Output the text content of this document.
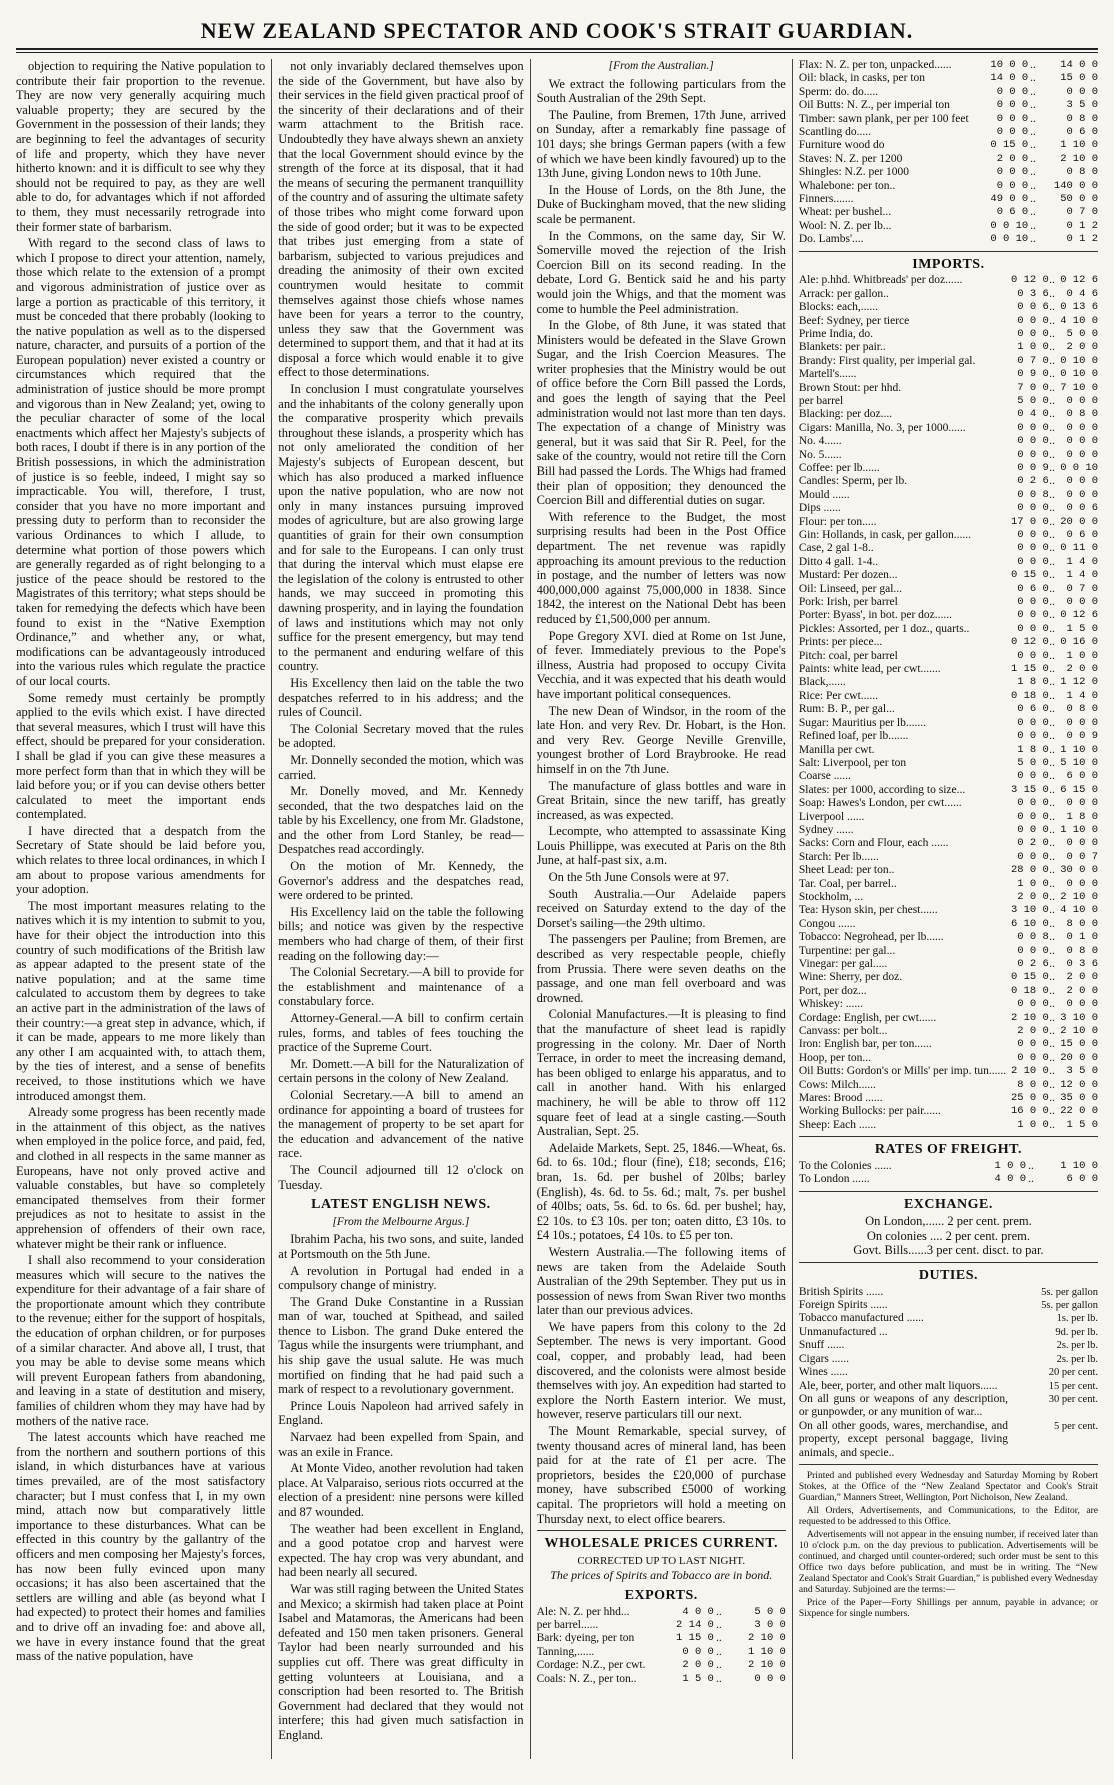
NEW ZEALAND SPECTATOR AND COOK'S STRAIT GUARDIAN.

objection to requiring the Native population to contribute their fair proportion to the revenue. They are now very generally acquiring much valuable property; they are secured by the Government in the possession of their lands; they are beginning to feel the advantages of security of life and property, which they have never hitherto known: and it is difficult to see why they should not be required to pay, as they are well able to do, for advantages which if not afforded to them, they must necessarily retrograde into their former state of barbarism.

With regard to the second class of laws to which I propose to direct your attention, namely, those which relate to the extension of a prompt and vigorous administration of justice over as large a portion as practicable of this territory, it must be conceded that there probably (looking to the native population as well as to the dispersed nature, character, and pursuits of a portion of the European population) never existed a country or circumstances which required that the administration of justice should be more prompt and vigorous than in New Zealand; yet, owing to the peculiar character of some of the local enactments which affect her Majesty's subjects of both races, I doubt if there is in any portion of the British possessions, in which the administration of justice is so feeble, indeed, I might say so impracticable. You will, therefore, I trust, consider that you have no more important and pressing duty to perform than to reconsider the various Ordinances to which I allude, to determine what portion of those powers which are generally regarded as of right belonging to a justice of the peace should be restored to the Magistrates of this territory; what steps should be taken for remedying the defects which have been found to exist in the “Native Exemption Ordinance,” and whether any, or what, modifications can be advantageously introduced into the various rules which regulate the practice of our local courts.

Some remedy must certainly be promptly applied to the evils which exist. I have directed that several measures, which I trust will have this effect, should be prepared for your consideration. I shall be glad if you can give these measures a more perfect form than that in which they will be laid before you; or if you can devise others better calculated to meet the important ends contemplated.

I have directed that a despatch from the Secretary of State should be laid before you, which relates to three local ordinances, in which I am about to propose various amendments for your adoption.

The most important measures relating to the natives which it is my intention to submit to you, have for their object the introduction into this country of such modifications of the British law as appear adapted to the present state of the native population; and at the same time calculated to accustom them by degrees to take an active part in the administration of the laws of their country:—a great step in advance, which, if it can be made, appears to me more likely than any other I am acquainted with, to attach them, by the ties of interest, and a sense of benefits received, to those institutions which we have introduced amongst them.

Already some progress has been recently made in the attainment of this object, as the natives when employed in the police force, and paid, fed, and clothed in all respects in the same manner as Europeans, have not only proved active and valuable constables, but have so completely emancipated themselves from their former prejudices as not to hesitate to assist in the apprehension of offenders of their own race, whatever might be their rank or influence.

I shall also recommend to your consideration measures which will secure to the natives the expenditure for their advantage of a fair share of the proportionate amount which they contribute to the revenue; either for the support of hospitals, the education of orphan children, or for purposes of a similar character. And above all, I trust, that you may be able to devise some means which will prevent European fathers from abandoning, and leaving in a state of destitution and misery, families of children whom they may have had by mothers of the native race.

The latest accounts which have reached me from the northern and southern portions of this island, in which disturbances have at various times prevailed, are of the most satisfactory character; but I must confess that I, in my own mind, attach now but comparatively little importance to these disturbances. What can be effected in this country by the gallantry of the officers and men composing her Majesty's forces, has now been fully evinced upon many occasions; it has also been ascertained that the settlers are willing and able (as beyond what I had expected) to protect their homes and families and to drive off an invading foe: and above all, we have in every instance found that the great mass of the native population, have

not only invariably declared themselves upon the side of the Government, but have also by their services in the field given practical proof of the sincerity of their declarations and of their warm attachment to the British race. Undoubtedly they have always shewn an anxiety that the local Government should evince by the strength of the force at its disposal, that it had the means of securing the permanent tranquillity of the country and of assuring the ultimate safety of those tribes who might come forward upon the side of good order; but it was to be expected that tribes just emerging from a state of barbarism, subjected to various prejudices and dreading the animosity of their own excited countrymen would hesitate to commit themselves against those chiefs whose names have been for years a terror to the country, unless they saw that the Government was determined to support them, and that it had at its disposal a force which would enable it to give effect to those determinations.

In conclusion I must congratulate yourselves and the inhabitants of the colony generally upon the comparative prosperity which prevails throughout these islands, a prosperity which has not only ameliorated the condition of her Majesty's subjects of European descent, but which has also produced a marked influence upon the native population, who are now not only in many instances pursuing improved modes of agriculture, but are also growing large quantities of grain for their own consumption and for sale to the Europeans. I can only trust that during the interval which must elapse ere the legislation of the colony is entrusted to other hands, we may succeed in promoting this dawning prosperity, and in laying the foundation of laws and institutions which may not only suffice for the present emergency, but may tend to the permanent and enduring welfare of this country.

His Excellency then laid on the table the two despatches referred to in his address; and the rules of Council.

The Colonial Secretary moved that the rules be adopted.

Mr. Donnelly seconded the motion, which was carried.

Mr. Donelly moved, and Mr. Kennedy seconded, that the two despatches laid on the table by his Excellency, one from Mr. Gladstone, and the other from Lord Stanley, be read—Despatches read accordingly.

On the motion of Mr. Kennedy, the Governor's address and the despatches read, were ordered to be printed.

His Excellency laid on the table the following bills; and notice was given by the respective members who had charge of them, of their first reading on the following day:—

The Colonial Secretary.—A bill to provide for the establishment and maintenance of a constabulary force.

Attorney-General.—A bill to confirm certain rules, forms, and tables of fees touching the practice of the Supreme Court.

Mr. Domett.—A bill for the Naturalization of certain persons in the colony of New Zealand.

Colonial Secretary.—A bill to amend an ordinance for appointing a board of trustees for the management of property to be set apart for the education and advancement of the native race.

The Council adjourned till 12 o'clock on Tuesday.

LATEST ENGLISH NEWS.
[From the Melbourne Argus.]

Ibrahim Pacha, his two sons, and suite, landed at Portsmouth on the 5th June.

A revolution in Portugal had ended in a compulsory change of ministry.

The Grand Duke Constantine in a Russian man of war, touched at Spithead, and sailed thence to Lisbon. The grand Duke entered the Tagus while the insurgents were triumphant, and his ship gave the usual salute. He was much mortified on finding that he had paid such a mark of respect to a revolutionary government.

Prince Louis Napoleon had arrived safely in England.

Narvaez had been expelled from Spain, and was an exile in France.

At Monte Video, another revolution had taken place. At Valparaiso, serious riots occurred at the election of a president: nine persons were killed and 87 wounded.

The weather had been excellent in England, and a good potatoe crop and harvest were expected. The hay crop was very abundant, and had been nearly all secured.

War was still raging between the United States and Mexico; a skirmish had taken place at Point Isabel and Matamoras, the Americans had been defeated and 150 men taken prisoners. General Taylor had been nearly surrounded and his supplies cut off. There was great difficulty in getting volunteers at Louisiana, and a conscription had been resorted to. The British Government had declared that they would not interfere; this had given much satisfaction in England.

[From the Australian.]

We extract the following particulars from the South Australian of the 29th Sept.

The Pauline, from Bremen, 17th June, arrived on Sunday, after a remarkably fine passage of 101 days; she brings German papers (with a few of which we have been kindly favoured) up to the 13th June, giving London news to 10th June.

In the House of Lords, on the 8th June, the Duke of Buckingham moved, that the new sliding scale be permanent.

In the Commons, on the same day, Sir W. Somerville moved the rejection of the Irish Coercion Bill on its second reading. In the debate, Lord G. Bentick said he and his party would join the Whigs, and that the moment was come to humble the Peel administration.

In the Globe, of 8th June, it was stated that Ministers would be defeated in the Slave Grown Sugar, and the Irish Coercion Measures. The writer prophesies that the Ministry would be out of office before the Corn Bill passed the Lords, and goes the length of saying that the Peel administration would not last more than ten days. The expectation of a change of Ministry was general, but it was said that Sir R. Peel, for the sake of the country, would not retire till the Corn Bill had passed the Lords. The Whigs had framed their plan of opposition; they denounced the Coercion Bill and differential duties on sugar.

With reference to the Budget, the most surprising results had been in the Post Office department. The net revenue was rapidly approaching its amount previous to the reduction in postage, and the number of letters was now 400,000,000 against 75,000,000 in 1838. Since 1842, the interest on the National Debt has been reduced by £1,500,000 per annum.

Pope Gregory XVI. died at Rome on 1st June, of fever. Immediately previous to the Pope's illness, Austria had proposed to occupy Civita Vecchia, and it was expected that his death would have important political consequences.

The new Dean of Windsor, in the room of the late Hon. and very Rev. Dr. Hobart, is the Hon. and very Rev. George Neville Grenville, youngest brother of Lord Braybrooke. He read himself in on the 7th June.

The manufacture of glass bottles and ware in Great Britain, since the new tariff, has greatly increased, as was expected.

Lecompte, who attempted to assassinate King Louis Phillippe, was executed at Paris on the 8th June, at half-past six, a.m.

On the 5th June Consols were at 97.

South Australia.—Our Adelaide papers received on Saturday extend to the day of the Dorset's sailing—the 29th ultimo.

The passengers per Pauline; from Bremen, are described as very respectable people, chiefly from Prussia. There were seven deaths on the passage, and one man fell overboard and was drowned.

Colonial Manufactures.—It is pleasing to find that the manufacture of sheet lead is rapidly progressing in the colony. Mr. Daer of North Terrace, in order to meet the increasing demand, has been obliged to enlarge his apparatus, and to call in another hand. With his enlarged machinery, he will be able to throw off 112 square feet of lead at a single casting.—South Australian, Sept. 25.

Adelaide Markets, Sept. 25, 1846.—Wheat, 6s. 6d. to 6s. 10d.; flour (fine), £18; seconds, £16; bran, 1s. 6d. per bushel of 20lbs; barley (English), 4s. 6d. to 5s. 6d.; malt, 7s. per bushel of 40lbs; oats, 5s. 6d. to 6s. 6d. per bushel; hay, £2 10s. to £3 10s. per ton; oaten ditto, £3 10s. to £4 10s.; potatoes, £4 10s. to £5 per ton.

Western Australia.—The following items of news are taken from the Adelaide South Australian of the 29th September. They put us in possession of news from Swan River two months later than our previous advices.

We have papers from this colony to the 2d September. The news is very important. Good coal, copper, and probably lead, had been discovered, and the colonists were almost beside themselves with joy. An expedition had started to explore the North Eastern interior. We must, however, reserve particulars till our next.

The Mount Remarkable, special survey, of twenty thousand acres of mineral land, has been paid for at the rate of £1 per acre. The proprietors, besides the £20,000 of purchase money, have subscribed £5000 of working capital. The proprietors will hold a meeting on Thursday next, to elect office bearers.

WHOLESALE PRICES CURRENT.
CORRECTED UP TO LAST NIGHT.
The prices of Spirits and Tobacco are in bond.
EXPORTS.
Ale: N. Z. per hhd...	4 0 0	..	5 0 0
per barrel......	2 14 0	..	3 0 0
Bark: dyeing, per ton	1 15 0	..	2 10 0
Tanning,......	0 0 0	..	1 10 0
Cordage: N.Z., per cwt.	2 0 0	..	2 10 0
Coals: N. Z., per ton..	1 5 0	..	0 0 0
Flax: N. Z. per ton, unpacked......	10 0 0	..	14 0 0
Oil: black, in casks, per ton	14 0 0	..	15 0 0
Sperm: do. do.....	0 0 0	..	0 0 0
Oil Butts: N. Z., per imperial ton	0 0 0	..	3 5 0
Timber: sawn plank, per per 100 feet	0 0 0	..	0 8 0
Scantling do.....	0 0 0	..	0 6 0
Furniture wood do	0 15 0	..	1 10 0
Staves: N. Z. per 1200	2 0 0	..	2 10 0
Shingles: N.Z. per 1000	0 0 0	..	0 8 0
Whalebone: per ton..	0 0 0	..	140 0 0
Finners.......	49 0 0	..	50 0 0
Wheat: per bushel...	0 6 0	..	0 7 0
Wool: N. Z. per lb...	0 0 10	..	0 1 2
Do. Lambs'....	0 0 10	..	0 1 2
IMPORTS.
Ale: p.hhd. Whitbreads' per doz......	0 12 0	..	0 12 6
Arrack: per gallon..	0 3 6	..	0 4 6
Blocks: each,......	0 0 6	..	0 13 6
Beef: Sydney, per tierce	0 0 0	..	4 10 0
Prime India, do.	0 0 0	..	5 0 0
Blankets: per pair..	1 0 0	..	2 0 0
Brandy: First quality, per imperial gal.	0 7 0	..	0 10 0
Martell's......	0 9 0	..	0 10 0
Brown Stout: per hhd.	7 0 0	..	7 10 0
per barrel	5 0 0	..	0 0 0
Blacking: per doz....	0 4 0	..	0 8 0
Cigars: Manilla, No. 3, per 1000......	0 0 0	..	0 0 0
No. 4......	0 0 0	..	0 0 0
No. 5......	0 0 0	..	0 0 0
Coffee: per lb......	0 0 9	..	0 0 10
Candles: Sperm, per lb.	0 2 6	..	0 0 0
Mould ......	0 0 8	..	0 0 0
Dips ......	0 0 0	..	0 0 6
Flour: per ton.....	17 0 0	..	20 0 0
Gin: Hollands, in cask, per gallon......	0 0 0	..	0 6 0
Case, 2 gal 1-8..	0 0 0	..	0 11 0
Ditto 4 gall. 1-4..	0 0 0	..	1 4 0
Mustard: Per dozen...	0 15 0	..	1 4 0
Oil: Linseed, per gal...	0 6 0	..	0 7 0
Pork: Irish, per barrel	0 0 0	..	0 0 0
Porter: Byass', in bot. per doz......	0 0 0	..	0 12 6
Pickles: Assorted, per 1 doz., quarts..	0 0 0	..	1 5 0
Prints: per piece...	0 12 0	..	0 16 0
Pitch: coal, per barrel	0 0 0	..	1 0 0
Paints: white lead, per cwt.......	1 15 0	..	2 0 0
Black,......	1 8 0	..	1 12 0
Rice: Per cwt......	0 18 0	..	1 4 0
Rum: B. P., per gal...	0 6 0	..	0 8 0
Sugar: Mauritius per lb.......	0 0 0	..	0 0 0
Refined loaf, per lb.......	0 0 0	..	0 0 9
Manilla per cwt.	1 8 0	..	1 10 0
Salt: Liverpool, per ton	5 0 0	..	5 10 0
Coarse ......	0 0 0	..	6 0 0
Slates: per 1000, according to size...	3 15 0	..	6 15 0
Soap: Hawes's London, per cwt......	0 0 0	..	0 0 0
Liverpool ......	0 0 0	..	1 8 0
Sydney ......	0 0 0	..	1 10 0
Sacks: Corn and Flour, each ......	0 2 0	..	0 0 0
Starch: Per lb......	0 0 0	..	0 0 7
Sheet Lead: per ton..	28 0 0	..	30 0 0
Tar. Coal, per barrel..	1 0 0	..	0 0 0
Stockholm, ...	2 0 0	..	2 10 0
Tea: Hyson skin, per chest......	3 10 0	..	4 10 0
Congou ......	6 10 0	..	8 0 0
Tobacco: Negrohead, per lb......	0 0 8	..	0 1 0
Turpentine: per gal...	0 0 0	..	0 8 0
Vinegar: per gal.....	0 2 6	..	0 3 6
Wine: Sherry, per doz.	0 15 0	..	2 0 0
Port, per doz...	0 18 0	..	2 0 0
Whiskey: ......	0 0 0	..	0 0 0
Cordage: English, per cwt......	2 10 0	..	3 10 0
Canvass: per bolt...	2 0 0	..	2 10 0
Iron: English bar, per ton......	0 0 0	..	15 0 0
Hoop, per ton...	0 0 0	..	20 0 0
Oil Butts: Gordon's or Mills' per imp. tun......	2 10 0	..	3 5 0
Cows: Milch......	8 0 0	..	12 0 0
Mares: Brood ......	25 0 0	..	35 0 0
Working Bullocks: per pair......	16 0 0	..	22 0 0
Sheep: Each ......	1 0 0	..	1 5 0
RATES OF FREIGHT.
To the Colonies ......	1 0 0	..	1 10 0
To London ......	4 0 0	..	6 0 0
EXCHANGE.
On London,...... 2 per cent. prem.
On colonies .... 2 per cent. prem.
Govt. Bills......3 per cent. disct. to par.
DUTIES.
British Spirits ......	5s. per gallon
Foreign Spirits ......	5s. per gallon
Tobacco manufactured ......	1s. per lb.
Unmanufactured ...	9d. per lb.
Snuff ......	2s. per lb.
Cigars ......	2s. per lb.
Wines ......	20 per cent.
Ale, beer, porter, and other malt liquors......	15 per cent.
On all guns or weapons of any description, or gunpowder, or any munition of war...	30 per cent.
On all other goods, wares, merchandise, and property, except personal baggage, living animals, and specie..	5 per cent.

Printed and published every Wednesday and Saturday Morning by Robert Stokes, at the Office of the “New Zealand Spectator and Cook's Strait Guardian,” Manners Street, Wellington, Port Nicholson, New Zealand.

All Orders, Advertisements, and Communications, to the Editor, are requested to be addressed to this Office.

Advertisements will not appear in the ensuing number, if received later than 10 o'clock p.m. on the day previous to publication. Advertisements will be continued, and charged until counter-ordered; such order must be sent to this Office two days before publication, and must be in writing. The “New Zealand Spectator and Cook's Strait Guardian,” is published every Wednesday and Saturday. Subjoined are the terms:—

Price of the Paper—Forty Shillings per annum, payable in advance; or Sixpence for single numbers.
